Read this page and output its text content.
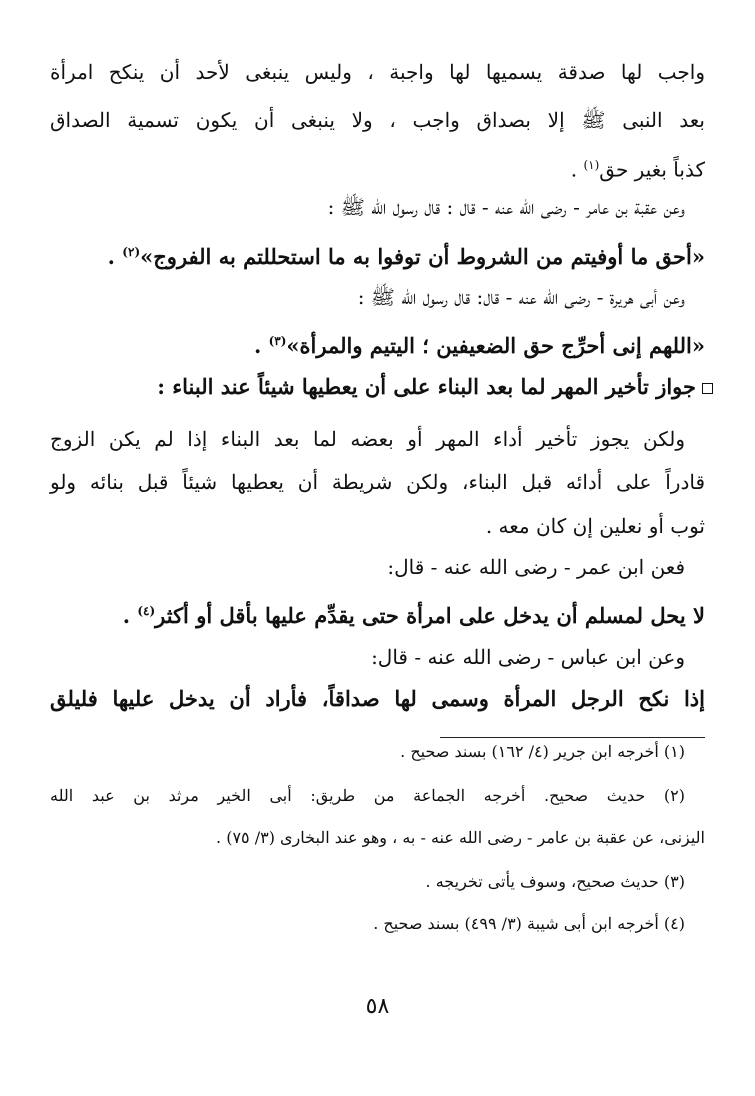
واجب لها صدقة يسميها لها واجبة ، وليس ينبغى لأحد أن ينكح امرأة
بعد النبى ﷺ إلا بصداق واجب ، ولا ينبغى أن يكون تسمية الصداق
كذباً بغير حق$^{(١)}$ .
وعن عقبة بن عامر - رضى الله عنه - قال : قال رسول الله ﷺ :
«أحق ما أوفيتم من الشروط أن توفوا به ما استحللتم به الفروج»$^{(٢)}$ .
وعن أبى هريرة - رضى الله عنه - قال: قال رسول الله ﷺ :
«اللهم إنى أحرِّج حق الضعيفين ؛ اليتيم والمرأة»$^{(٣)}$ .
جواز تأخير المهر لما بعد البناء على أن يعطيها شيئاً عند البناء :
ولكن يجوز تأخير أداء المهر أو بعضه لما بعد البناء إذا لم يكن الزوج
قادراً على أدائه قبل البناء، ولكن شريطة أن يعطيها شيئاً قبل بنائه ولو
ثوب أو نعلين إن كان معه .
فعن ابن عمر - رضى الله عنه - قال:
لا يحل لمسلم أن يدخل على امرأة حتى يقدِّم عليها بأقل أو أكثر$^{(٤)}$ .
وعن ابن عباس - رضى الله عنه - قال:
إذا نكح الرجل المرأة وسمى لها صداقاً، فأراد أن يدخل عليها فليلق
(١) أخرجه ابن جرير (٤/ ١٦٢) بسند صحيح .
(٢) حديث صحيح. أخرجه الجماعة من طريق: أبى الخير مرثد بن عبد الله
اليزنى، عن عقبة بن عامر - رضى الله عنه - به ، وهو عند البخارى (٣/ ٧٥) .
(٣) حديث صحيح، وسوف يأتى تخريجه .
(٤) أخرجه ابن أبى شيبة (٣/ ٤٩٩) بسند صحيح .
٥٨
